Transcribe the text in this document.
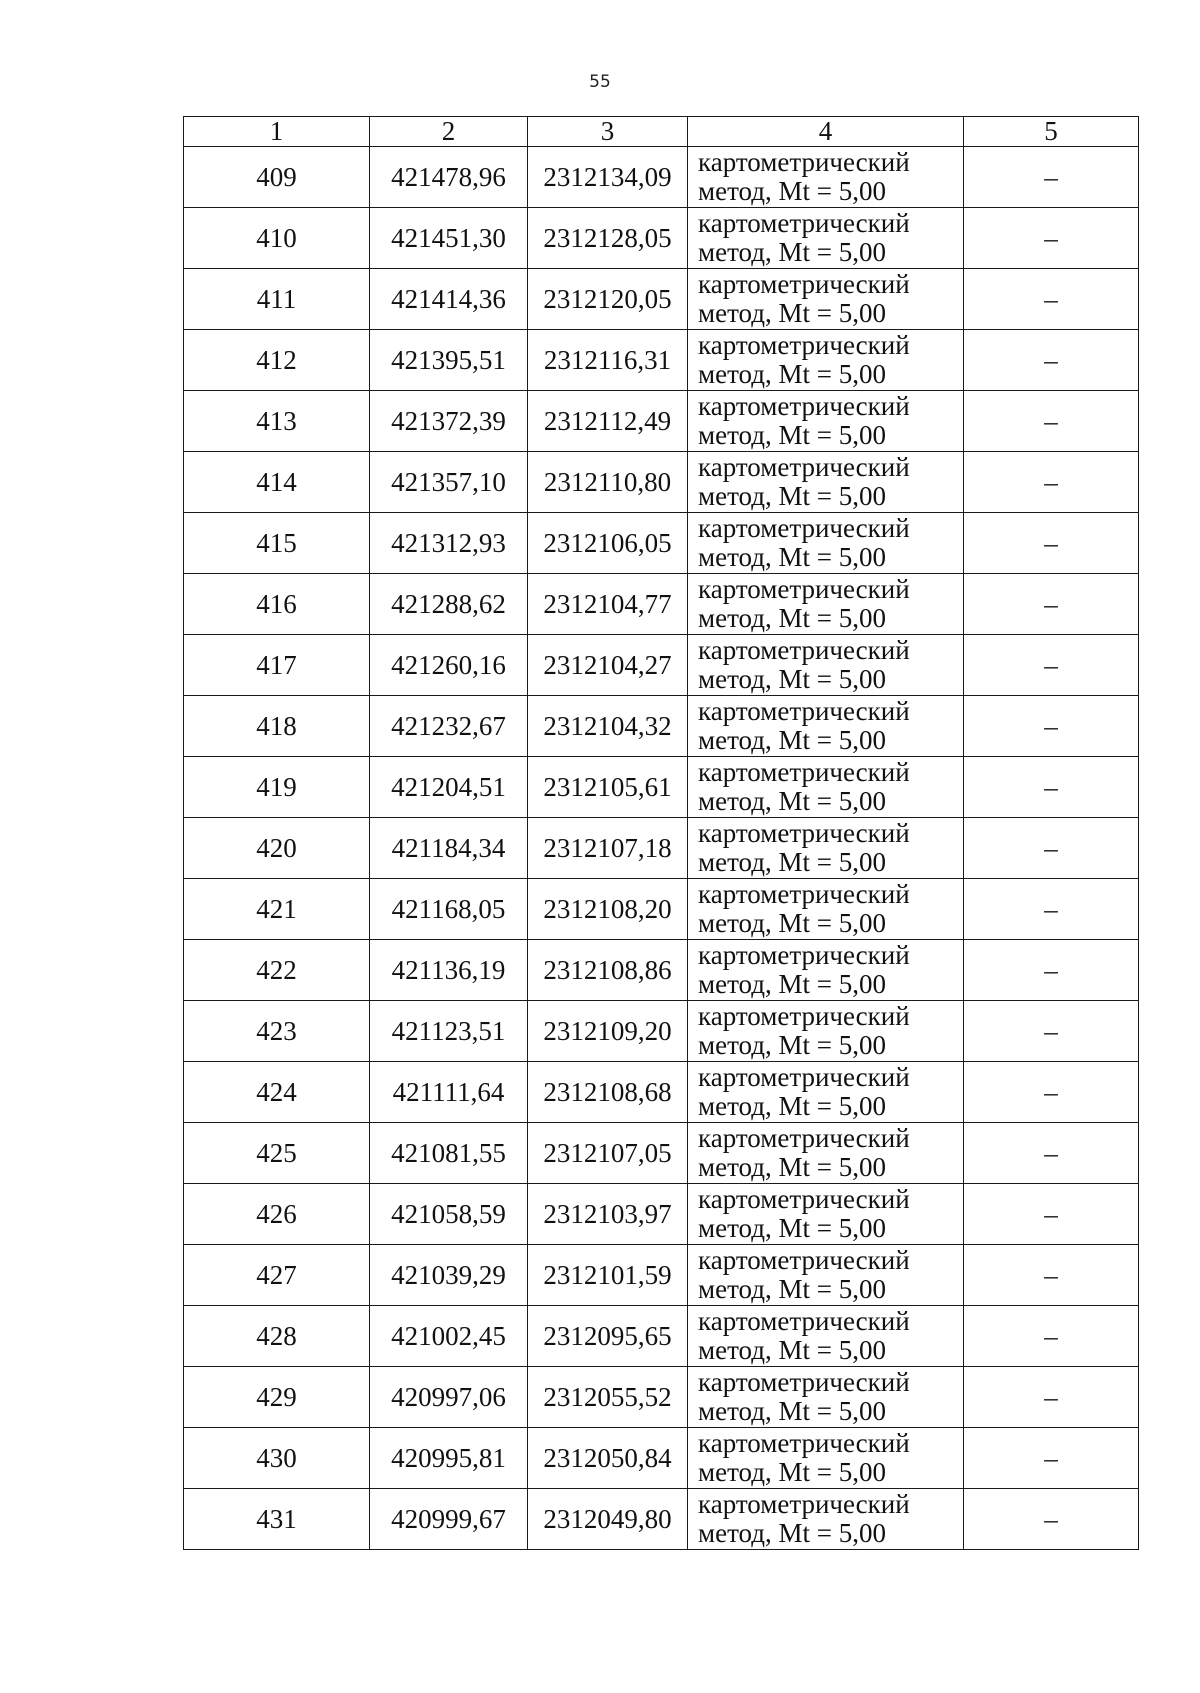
55
1	2	3	4	5
409	421478,96	2312134,09	картометрический
метод, Mt = 5,00	–
410	421451,30	2312128,05	картометрический
метод, Mt = 5,00	–
411	421414,36	2312120,05	картометрический
метод, Mt = 5,00	–
412	421395,51	2312116,31	картометрический
метод, Mt = 5,00	–
413	421372,39	2312112,49	картометрический
метод, Mt = 5,00	–
414	421357,10	2312110,80	картометрический
метод, Mt = 5,00	–
415	421312,93	2312106,05	картометрический
метод, Mt = 5,00	–
416	421288,62	2312104,77	картометрический
метод, Mt = 5,00	–
417	421260,16	2312104,27	картометрический
метод, Mt = 5,00	–
418	421232,67	2312104,32	картометрический
метод, Mt = 5,00	–
419	421204,51	2312105,61	картометрический
метод, Mt = 5,00	–
420	421184,34	2312107,18	картометрический
метод, Mt = 5,00	–
421	421168,05	2312108,20	картометрический
метод, Mt = 5,00	–
422	421136,19	2312108,86	картометрический
метод, Mt = 5,00	–
423	421123,51	2312109,20	картометрический
метод, Mt = 5,00	–
424	421111,64	2312108,68	картометрический
метод, Mt = 5,00	–
425	421081,55	2312107,05	картометрический
метод, Mt = 5,00	–
426	421058,59	2312103,97	картометрический
метод, Mt = 5,00	–
427	421039,29	2312101,59	картометрический
метод, Mt = 5,00	–
428	421002,45	2312095,65	картометрический
метод, Mt = 5,00	–
429	420997,06	2312055,52	картометрический
метод, Mt = 5,00	–
430	420995,81	2312050,84	картометрический
метод, Mt = 5,00	–
431	420999,67	2312049,80	картометрический
метод, Mt = 5,00	–
